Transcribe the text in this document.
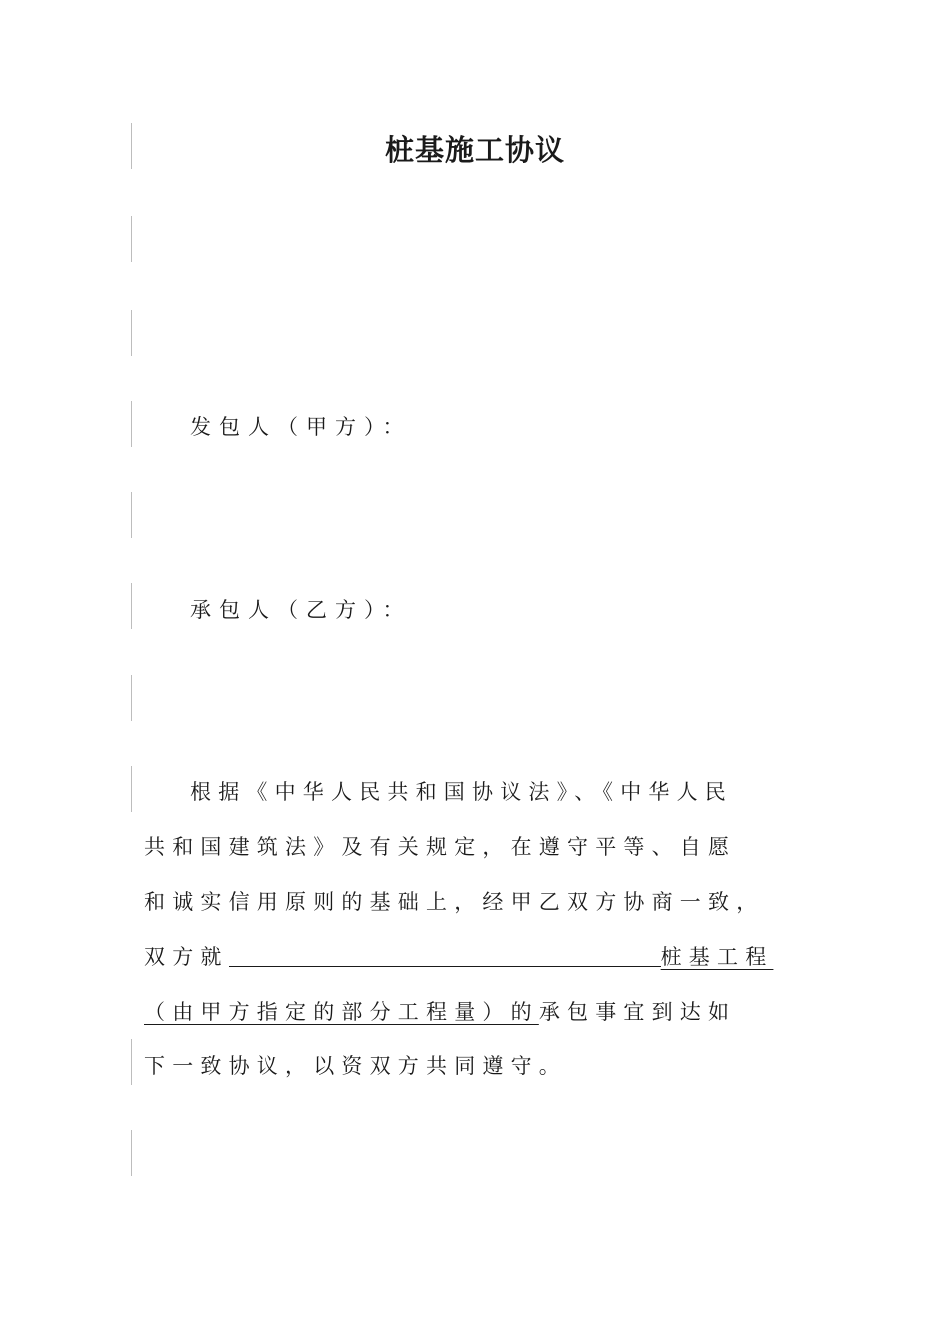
桩基施工协议
发包人（甲方）：
承包人（乙方）：
根据《中华人民共和国协议法》、《中华人民
共和国建筑法》及有关规定，在遵守平等、自愿
和诚实信用原则的基础上，经甲乙双方协商一致，
双方就	桩基工程
（由甲方指定的部分工程量）的承包事宜到达如
下一致协议，以资双方共同遵守。
